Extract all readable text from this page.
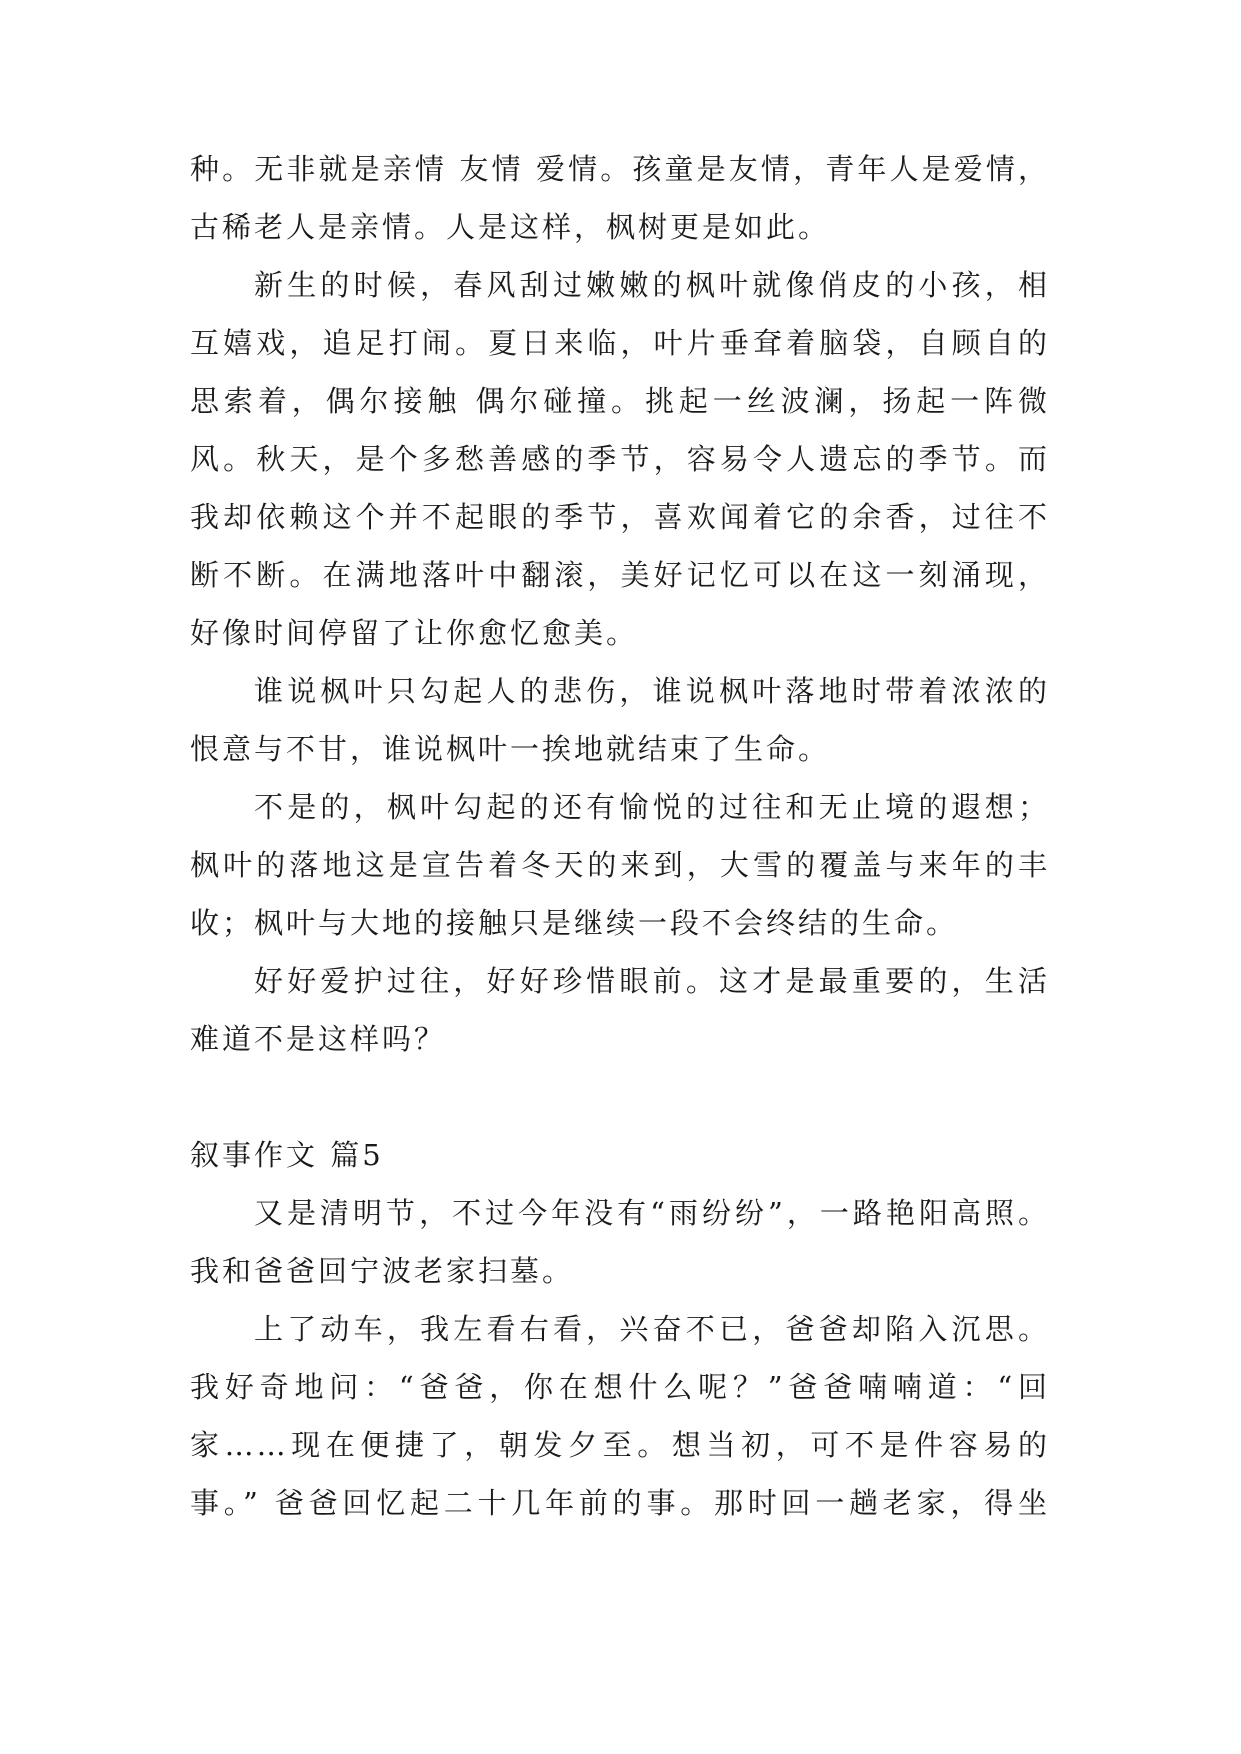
种。无非就是亲情 友情 爱情。孩童是友情，青年人是爱情，
古稀老人是亲情。人是这样，枫树更是如此。
新生的时候，春风刮过嫩嫩的枫叶就像俏皮的小孩，相
互嬉戏，追足打闹。夏日来临，叶片垂耷着脑袋，自顾自的
思索着，偶尔接触 偶尔碰撞。挑起一丝波澜，扬起一阵微
风。秋天，是个多愁善感的季节，容易令人遗忘的季节。而
我却依赖这个并不起眼的季节，喜欢闻着它的余香，过往不
断不断。在满地落叶中翻滚，美好记忆可以在这一刻涌现，
好像时间停留了让你愈忆愈美。
谁说枫叶只勾起人的悲伤，谁说枫叶落地时带着浓浓的
恨意与不甘，谁说枫叶一挨地就结束了生命。
不是的，枫叶勾起的还有愉悦的过往和无止境的遐想；
枫叶的落地这是宣告着冬天的来到，大雪的覆盖与来年的丰
收；枫叶与大地的接触只是继续一段不会终结的生命。
好好爱护过往，好好珍惜眼前。这才是最重要的，生活
难道不是这样吗？
叙事作文 篇5
又是清明节，不过今年没有“雨纷纷”，一路艳阳高照。
我和爸爸回宁波老家扫墓。
上了动车，我左看右看，兴奋不已，爸爸却陷入沉思。
我好奇地问：“爸爸，你在想什么呢？”爸爸喃喃道：“回
家……现在便捷了，朝发夕至。想当初，可不是件容易的
事。” 爸爸回忆起二十几年前的事。那时回一趟老家，得坐
